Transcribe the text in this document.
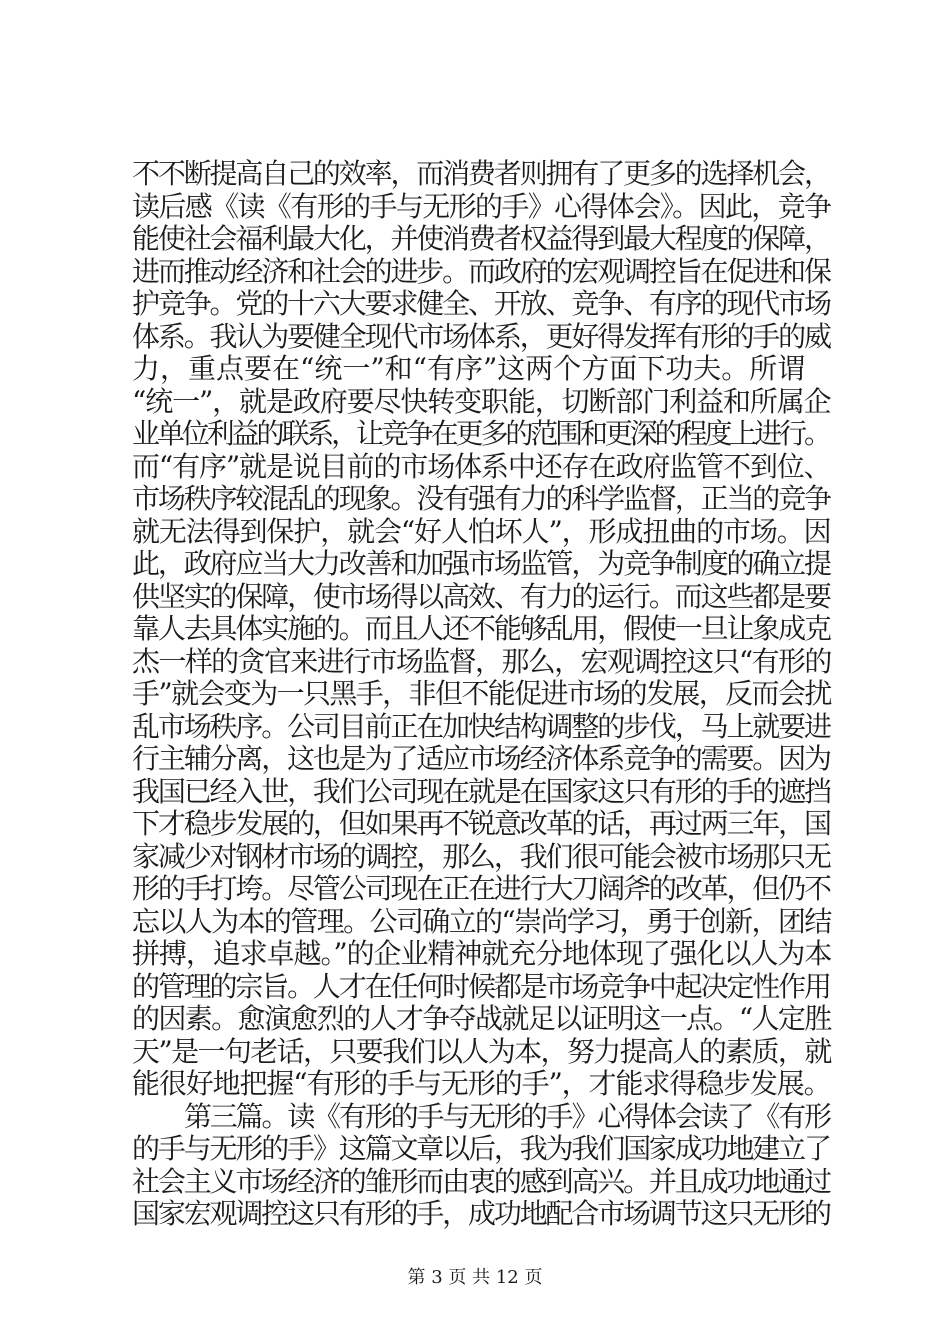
不不断提高自己的效率，而消费者则拥有了更多的选择机会，
读后感《读《有形的手与无形的手》心得体会》。因此，竞争
能使社会福利最大化，并使消费者权益得到最大程度的保障，
进而推动经济和社会的进步。而政府的宏观调控旨在促进和保
护竞争。党的十六大要求健全、开放、竞争、有序的现代市场
体系。我认为要健全现代市场体系，更好得发挥有形的手的威
力，重点要在“统一”和“有序”这两个方面下功夫。所谓
“统一”，就是政府要尽快转变职能，切断部门利益和所属企
业单位利益的联系，让竞争在更多的范围和更深的程度上进行。
而“有序”就是说目前的市场体系中还存在政府监管不到位、
市场秩序较混乱的现象。没有强有力的科学监督，正当的竞争
就无法得到保护，就会“好人怕坏人”，形成扭曲的市场。因
此，政府应当大力改善和加强市场监管，为竞争制度的确立提
供坚实的保障，使市场得以高效、有力的运行。而这些都是要
靠人去具体实施的。而且人还不能够乱用，假使一旦让象成克
杰一样的贪官来进行市场监督，那么，宏观调控这只“有形的
手”就会变为一只黑手，非但不能促进市场的发展，反而会扰
乱市场秩序。公司目前正在加快结构调整的步伐，马上就要进
行主辅分离，这也是为了适应市场经济体系竞争的需要。因为
我国已经入世，我们公司现在就是在国家这只有形的手的遮挡
下才稳步发展的，但如果再不锐意改革的话，再过两三年，国
家减少对钢材市场的调控，那么，我们很可能会被市场那只无
形的手打垮。尽管公司现在正在进行大刀阔斧的改革，但仍不
忘以人为本的管理。公司确立的“崇尚学习，勇于创新，团结
拼搏，追求卓越。”的企业精神就充分地体现了强化以人为本
的管理的宗旨。人才在任何时候都是市场竞争中起决定性作用
的因素。愈演愈烈的人才争夺战就足以证明这一点。“人定胜
天”是一句老话，只要我们以人为本，努力提高人的素质，就
能很好地把握“有形的手与无形的手”，才能求得稳步发展。
第三篇。读《有形的手与无形的手》心得体会读了《有形
的手与无形的手》这篇文章以后，我为我们国家成功地建立了
社会主义市场经济的雏形而由衷的感到高兴。并且成功地通过
国家宏观调控这只有形的手，成功地配合市场调节这只无形的
第 3 页 共 12 页
